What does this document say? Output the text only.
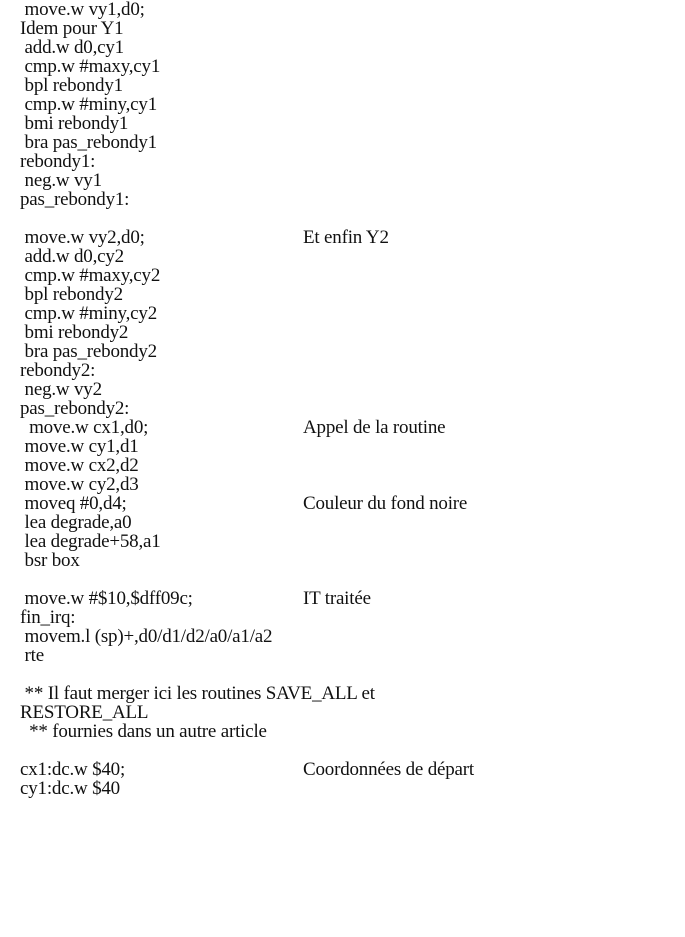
move.w vy1,d0;
Idem pour Y1
add.w d0,cy1
cmp.w #maxy,cy1
bpl rebondy1
cmp.w #miny,cy1
bmi rebondy1
bra pas_rebondy1
rebondy1:
neg.w vy1
pas_rebondy1:
move.w vy2,d0;	Et enfin Y2
add.w d0,cy2
cmp.w #maxy,cy2
bpl rebondy2
cmp.w #miny,cy2
bmi rebondy2
bra pas_rebondy2
rebondy2:
neg.w vy2
pas_rebondy2:
move.w cx1,d0;	Appel de la routine
move.w cy1,d1
move.w cx2,d2
move.w cy2,d3
moveq #0,d4;	Couleur du fond noire
lea degrade,a0
lea degrade+58,a1
bsr box
move.w #$10,$dff09c;	IT traitée
fin_irq:
movem.l (sp)+,d0/d1/d2/a0/a1/a2
rte
** Il faut merger ici les routines SAVE_ALL et
RESTORE_ALL
** fournies dans un autre article
cx1:dc.w $40;	Coordonnées de départ
cy1:dc.w $40
